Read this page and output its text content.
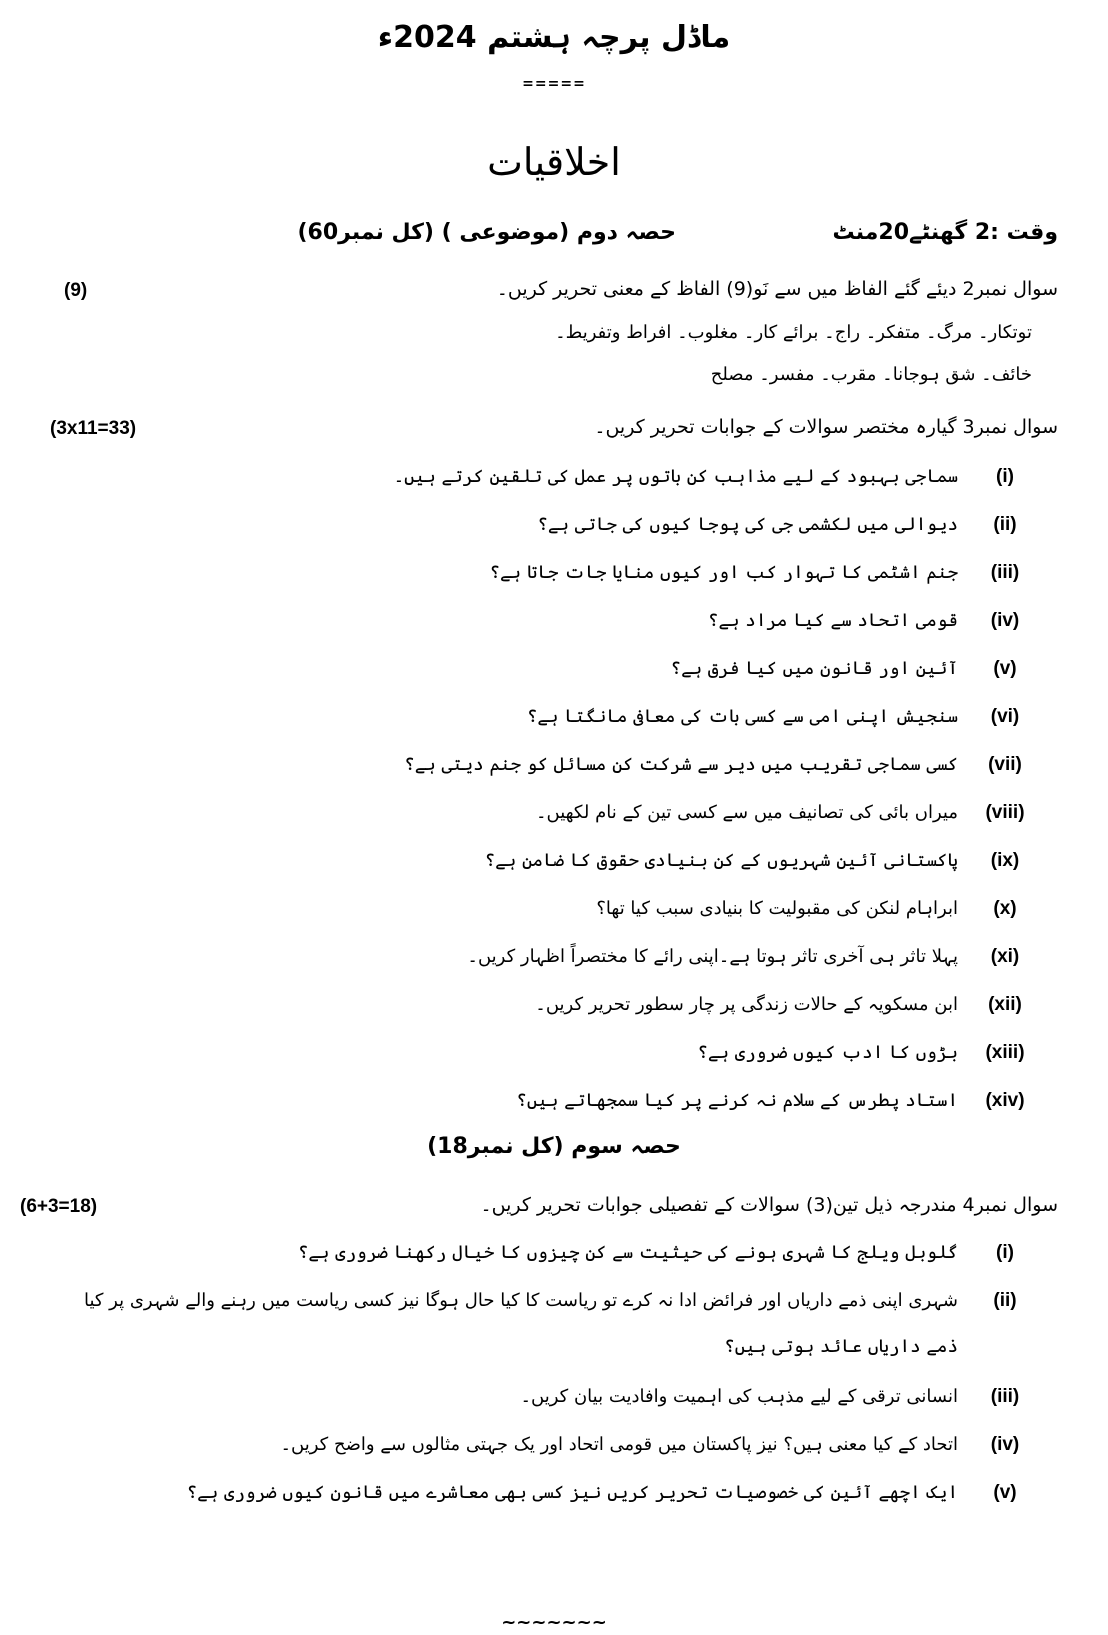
ماڈل پرچہ ہشتم 2024ء
=====
اخلاقیات
وقت :2 گھنٹے20منٹ
حصہ دوم (موضوعی ) (کل نمبر60)
سوال نمبر2 دیئے گئے الفاظ میں سے نَو(9) الفاظ کے معنی تحریر کریں۔
(9)
توتکار۔ مرگ۔ متفکر۔ راج۔ برائے کار۔ مغلوب۔ افراط وتفریط۔
خائف۔ شق ہوجانا۔ مقرب۔ مفسر۔ مصلح
سوال نمبر3 گیارہ مختصر سوالات کے جوابات تحریر کریں۔
(3x11=33)
(i)
سماجی بہبود کے لیے مذاہب کن باتوں پر عمل کی تلقین کرتے ہیں۔
(ii)
دیوالی میں لکشمی جی کی پوجا کیوں کی جاتی ہے؟
(iii)
جنم اشٹمی کا تہوار کب اور کیوں منایا جات جاتا ہے؟
(iv)
قومی اتحاد سے کیا مراد ہے؟
(v)
آئین اور قانون میں کیا فرق ہے؟
(vi)
سنجیش اپنی امی سے کسی بات کی معافی مانگتا ہے؟
(vii)
کسی سماجی تقریب میں دیر سے شرکت کن مسائل کو جنم دیتی ہے؟
(viii)
میراں بائی کی تصانیف میں سے کسی تین کے نام لکھیں۔
(ix)
پاکستانی آئین شہریوں کے کن بنیادی حقوق کا ضامن ہے؟
(x)
ابراہام لنکن کی مقبولیت کا بنیادی سبب کیا تھا؟
(xi)
پہلا تاثر ہی آخری تاثر ہوتا ہے۔اپنی رائے کا مختصراً اظہار کریں۔
(xii)
ابن مسکویہ کے حالات زندگی پر چار سطور تحریر کریں۔
(xiii)
بڑوں کا ادب کیوں ضروری ہے؟
(xiv)
استاد پطرس کے سلام نہ کرنے پر کیا سمجھاتے ہیں؟
حصہ سوم (کل نمبر18)
سوال نمبر4 مندرجہ ذیل تین(3) سوالات کے تفصیلی جوابات تحریر کریں۔
(6+3=18)
(i)
گلوبل ویلج کا شہری ہونے کی حیثیت سے کن چیزوں کا خیال رکھنا ضروری ہے؟
(ii)
شہری اپنی ذمے داریاں اور فرائض ادا نہ کرے تو ریاست کا کیا حال ہوگا نیز کسی ریاست میں رہنے والے شہری پر کیا
ذمے داریاں عائد ہوتی ہیں؟
(iii)
انسانی ترقی کے لیے مذہب کی اہمیت وافادیت بیان کریں۔
(iv)
اتحاد کے کیا معنی ہیں؟ نیز پاکستان میں قومی اتحاد اور یک جہتی مثالوں سے واضح کریں۔
(v)
ایک اچھے آئین کی خصوصیات تحریر کریں نیز کسی بھی معاشرے میں قانون کیوں ضروری ہے؟
~~~~~~~
